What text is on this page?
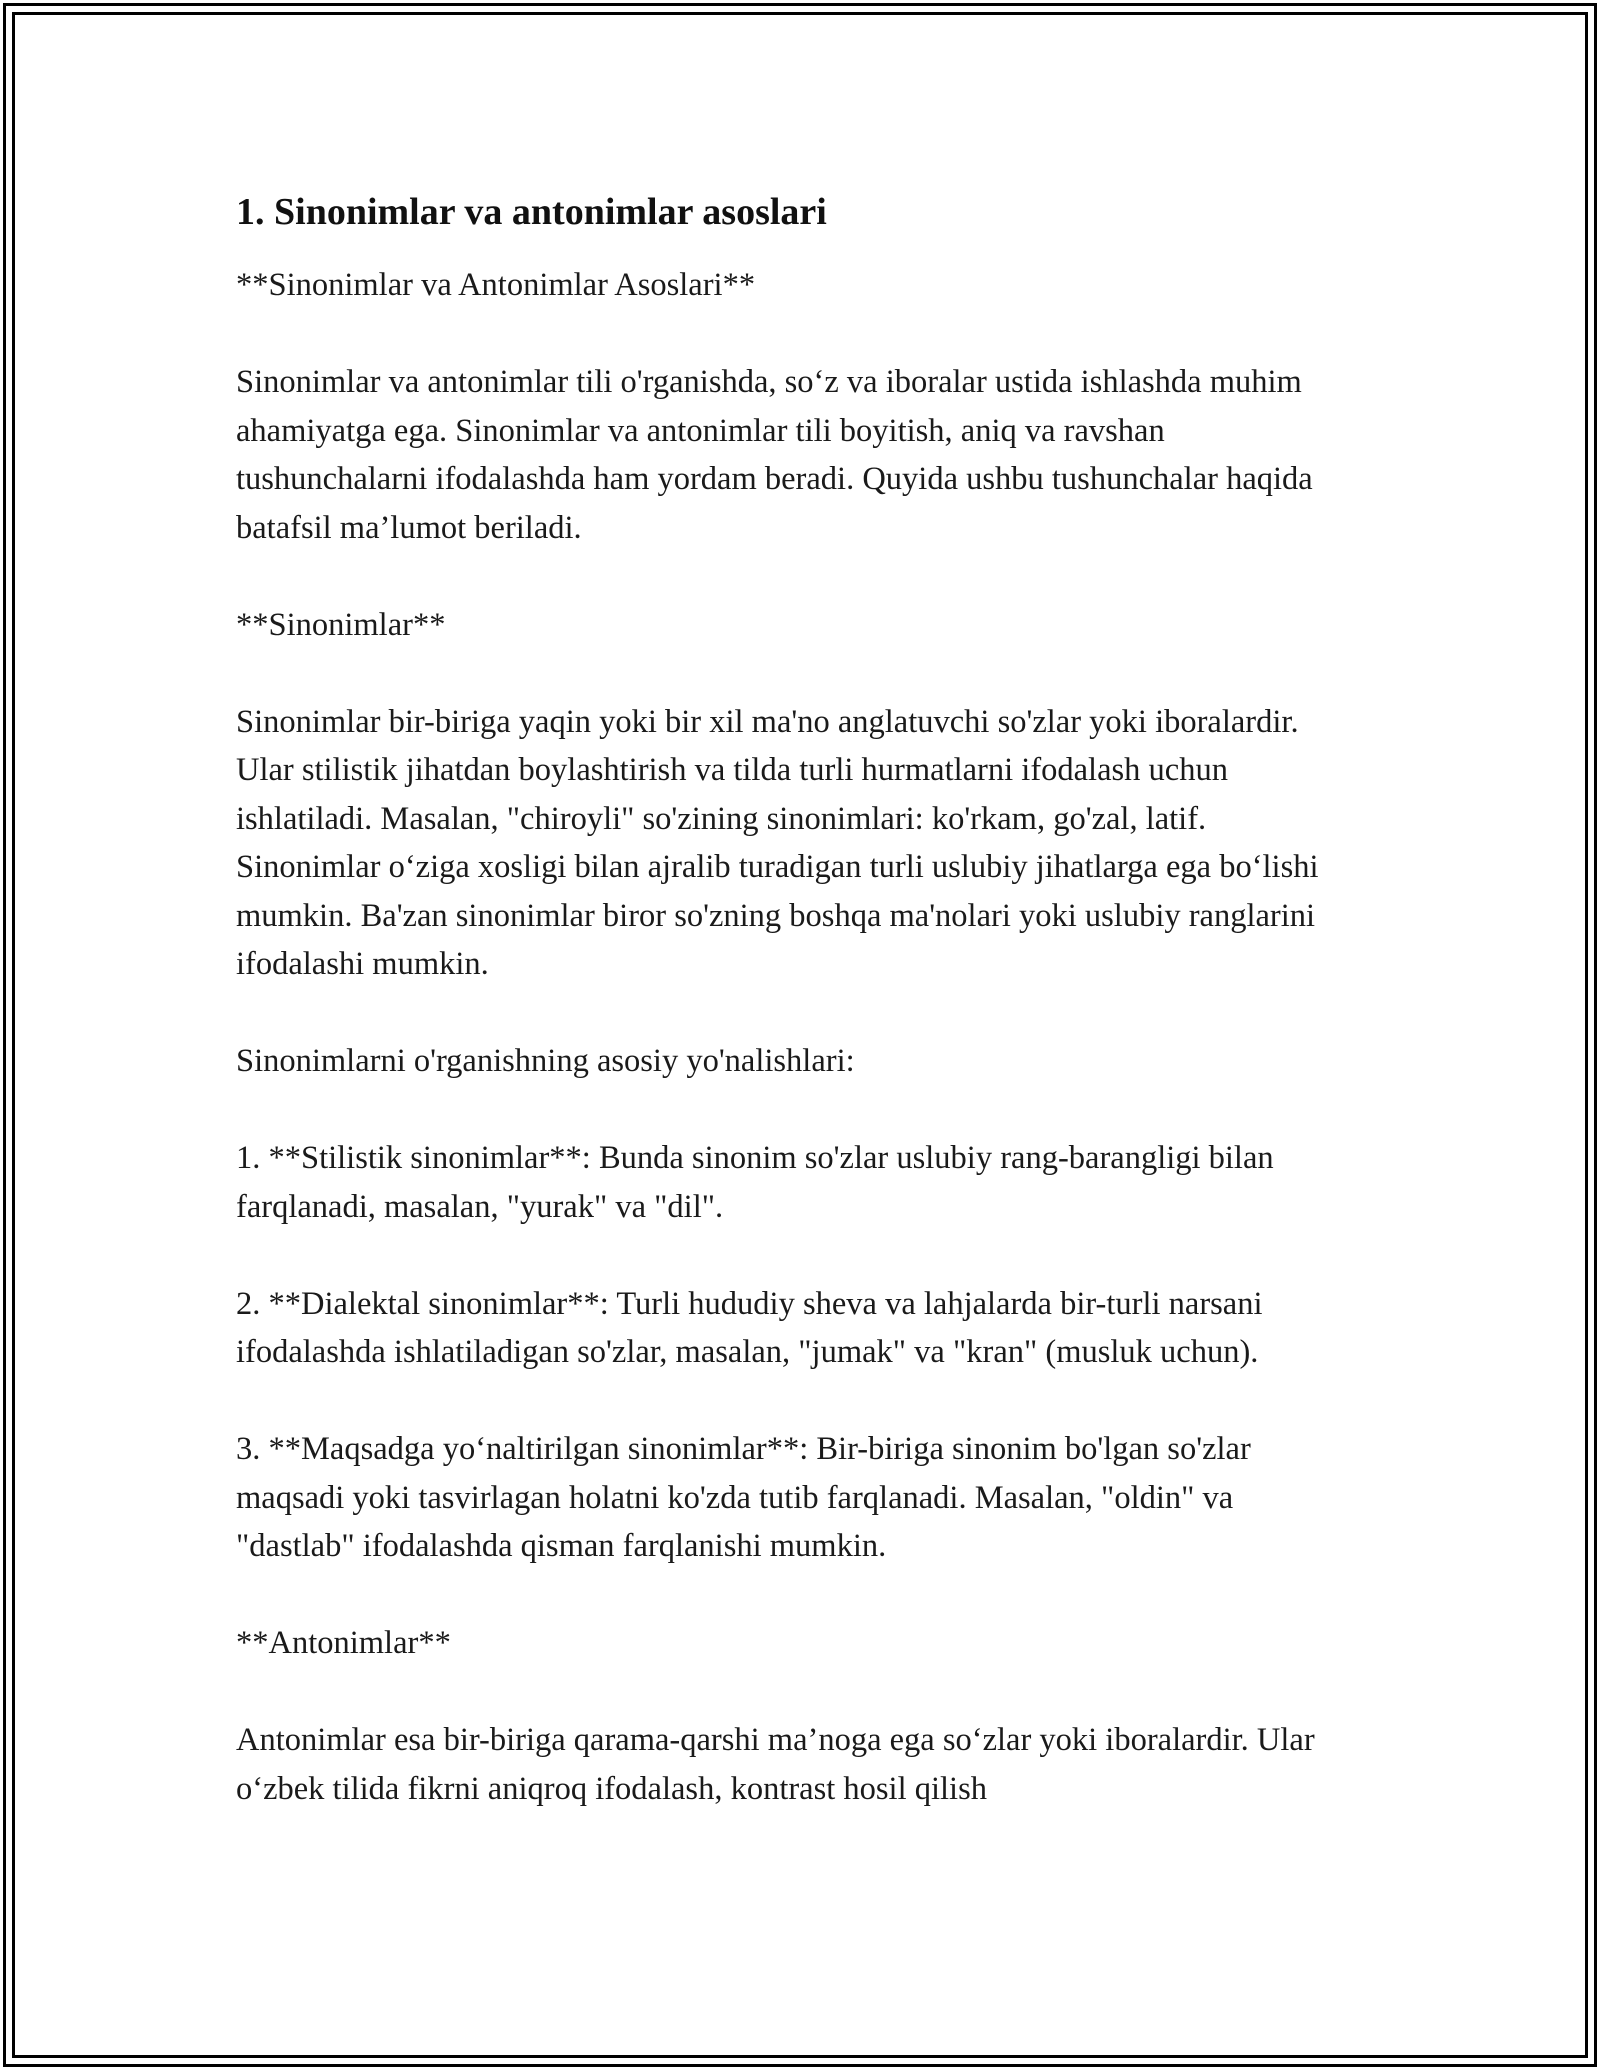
1. Sinonimlar va antonimlar asoslari

**Sinonimlar va Antonimlar Asoslari**

Sinonimlar va antonimlar tili o'rganishda, so‘z va iboralar ustida ishlashda muhim ahamiyatga ega. Sinonimlar va antonimlar tili boyitish, aniq va ravshan tushunchalarni ifodalashda ham yordam beradi. Quyida ushbu tushunchalar haqida batafsil ma’lumot beriladi.

**Sinonimlar**

Sinonimlar bir-biriga yaqin yoki bir xil ma'no anglatuvchi so'zlar yoki iboralardir. Ular stilistik jihatdan boylashtirish va tilda turli hurmatlarni ifodalash uchun ishlatiladi. Masalan, "chiroyli" so'zining sinonimlari: ko'rkam, go'zal, latif. Sinonimlar o‘ziga xosligi bilan ajralib turadigan turli uslubiy jihatlarga ega bo‘lishi mumkin. Ba'zan sinonimlar biror so'zning boshqa ma'nolari yoki uslubiy ranglarini ifodalashi mumkin.

Sinonimlarni o'rganishning asosiy yo'nalishlari:

1. **Stilistik sinonimlar**: Bunda sinonim so'zlar uslubiy rang-barangligi bilan farqlanadi, masalan, "yurak" va "dil".

2. **Dialektal sinonimlar**: Turli hududiy sheva va lahjalarda bir-turli narsani ifodalashda ishlatiladigan so'zlar, masalan, "jumak" va "kran" (musluk uchun).

3. **Maqsadga yo‘naltirilgan sinonimlar**: Bir-biriga sinonim bo'lgan so'zlar maqsadi yoki tasvirlagan holatni ko'zda tutib farqlanadi. Masalan, "oldin" va "dastlab" ifodalashda qisman farqlanishi mumkin.

**Antonimlar**

Antonimlar esa bir-biriga qarama-qarshi ma’noga ega so‘zlar yoki iboralardir. Ular o‘zbek tilida fikrni aniqroq ifodalash, kontrast hosil qilish
